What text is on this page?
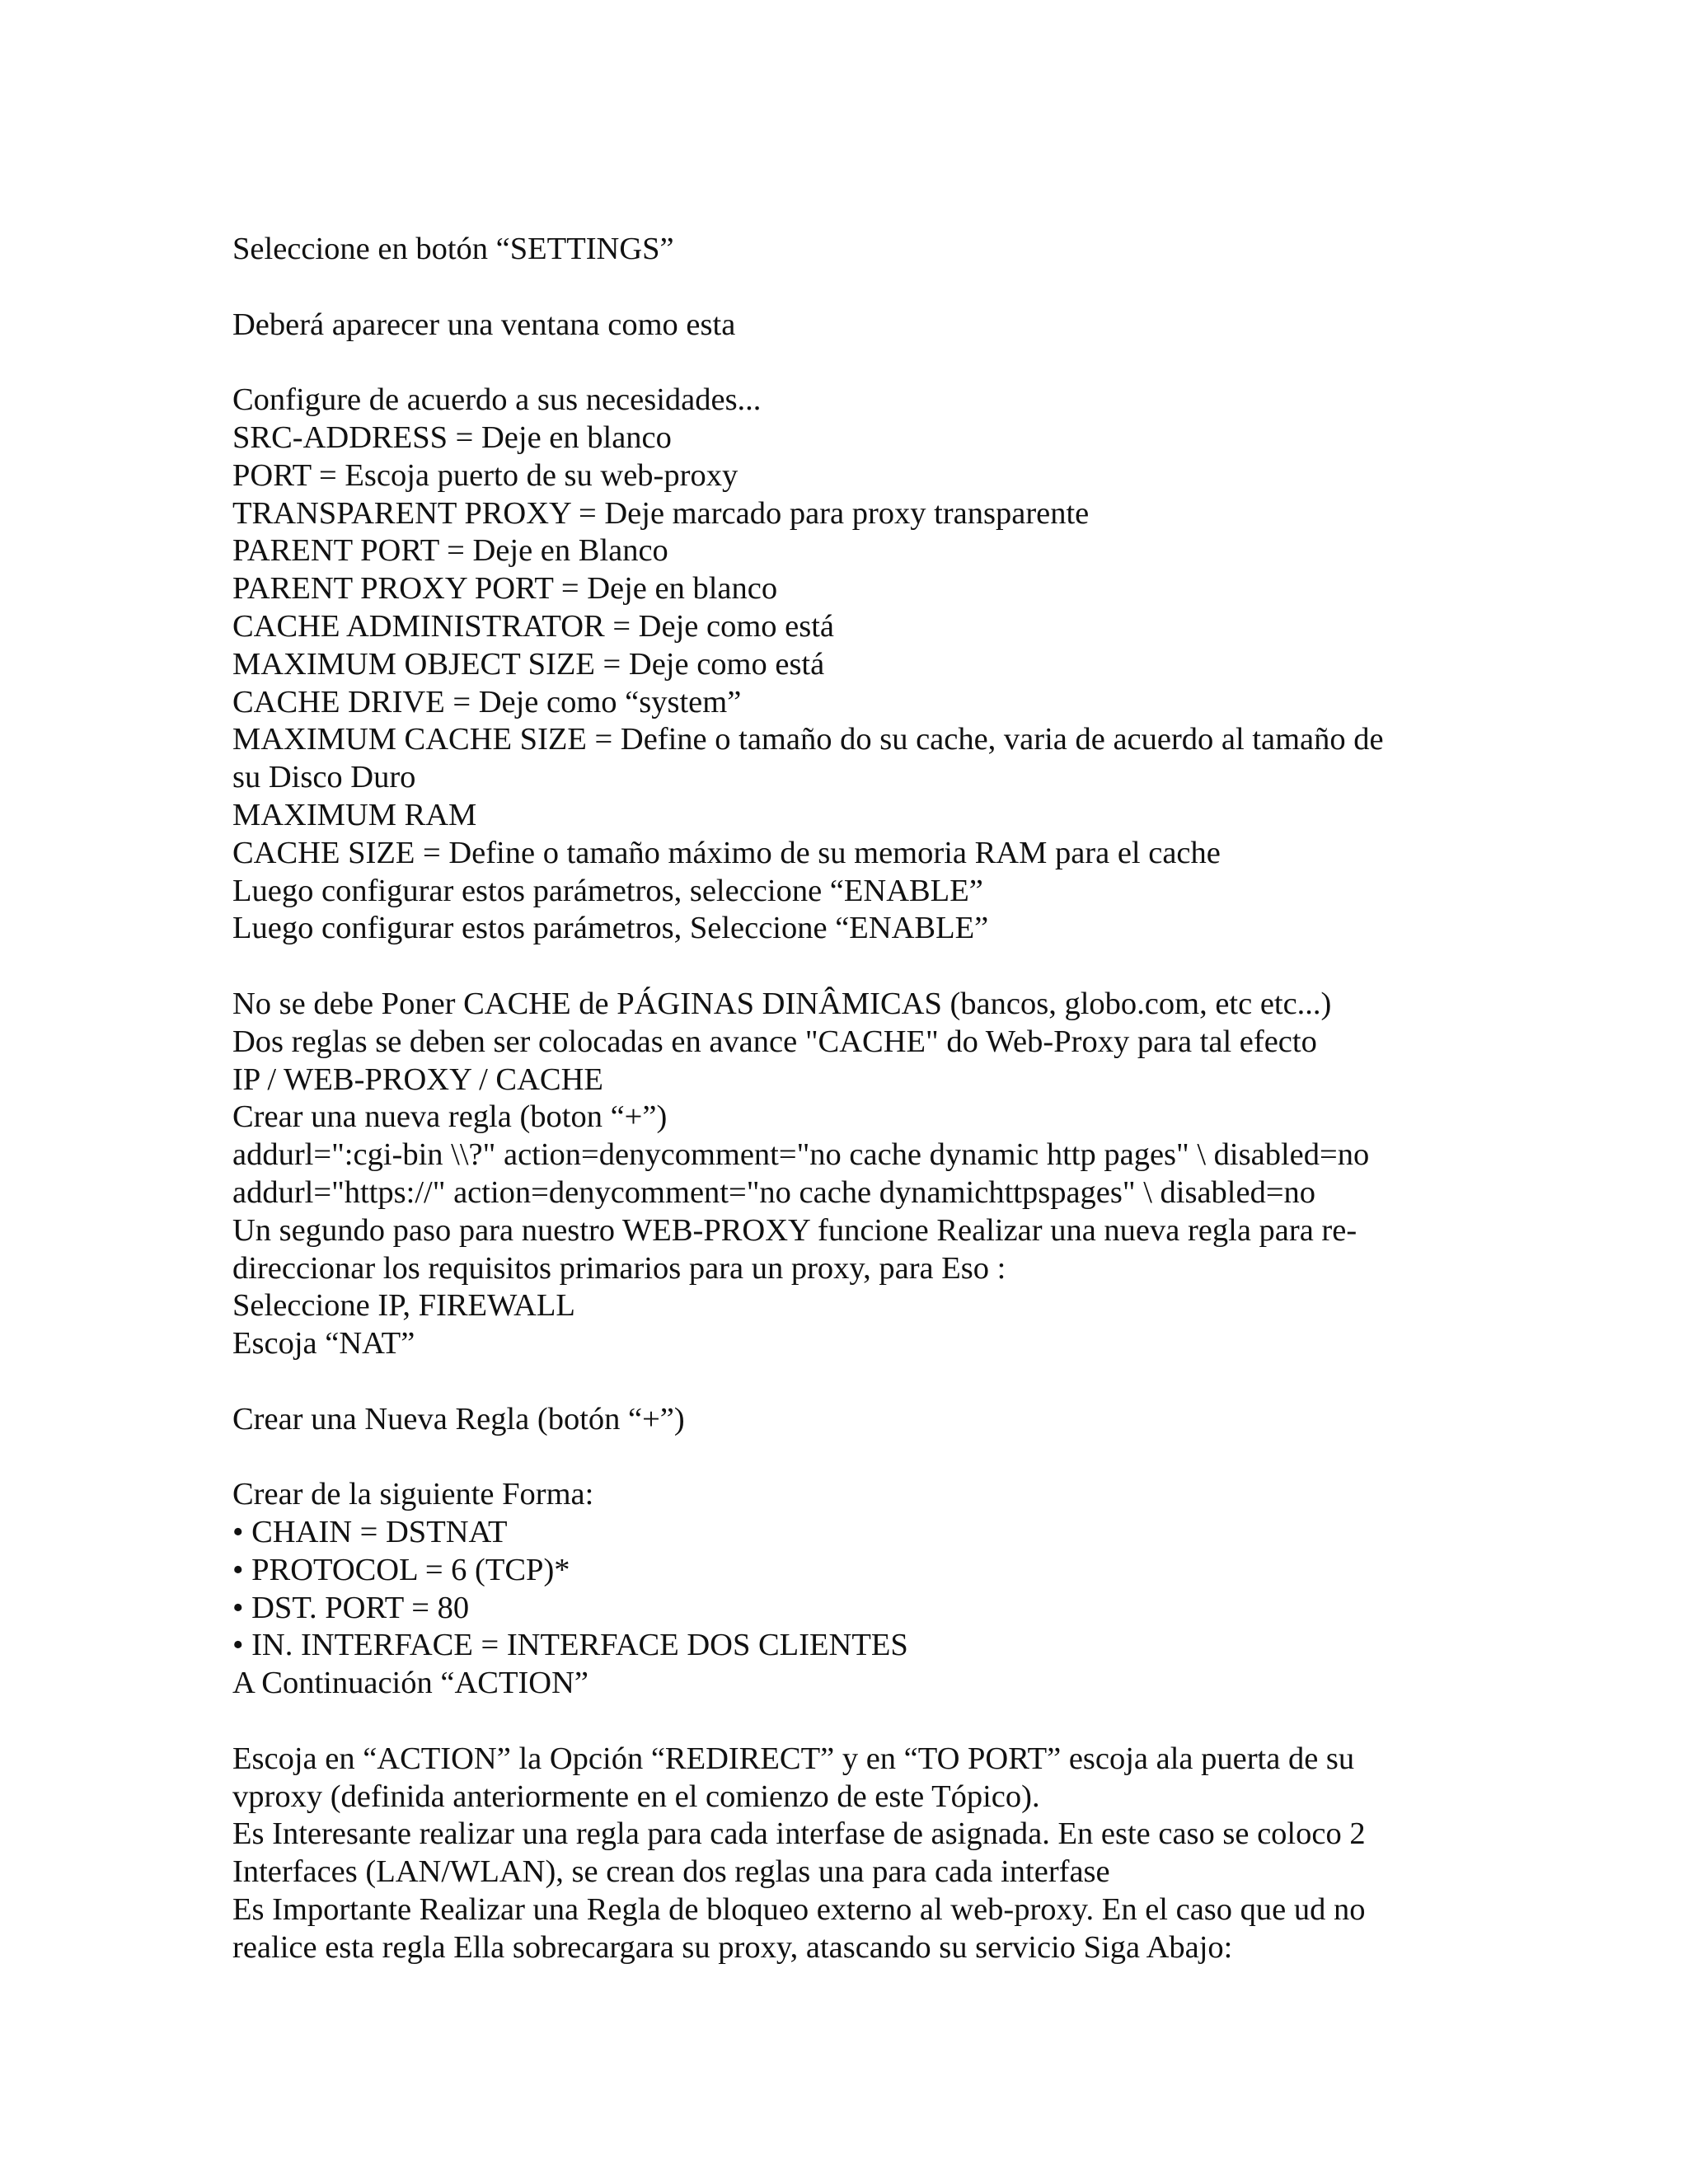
Seleccione en botón “SETTINGS”
Deberá aparecer una ventana como esta
Configure de acuerdo a sus necesidades...
SRC-ADDRESS = Deje en blanco
PORT = Escoja puerto de su web-proxy
TRANSPARENT PROXY = Deje marcado para proxy transparente
PARENT PORT = Deje en Blanco
PARENT PROXY PORT = Deje en blanco
CACHE ADMINISTRATOR = Deje como está
MAXIMUM OBJECT SIZE = Deje como está
CACHE DRIVE = Deje como “system”
MAXIMUM CACHE SIZE = Define o tamaño do su cache, varia de acuerdo al tamaño de
su Disco Duro
MAXIMUM RAM
CACHE SIZE = Define o tamaño máximo de su memoria RAM para el cache
Luego configurar estos parámetros, seleccione “ENABLE”
Luego configurar estos parámetros, Seleccione “ENABLE”
No se debe Poner CACHE de PÁGINAS DINÂMICAS (bancos, globo.com, etc etc...)
Dos reglas se deben ser colocadas en avance "CACHE" do Web-Proxy para tal efecto
IP / WEB-PROXY / CACHE
Crear una nueva regla (boton “+”)
addurl=":cgi-bin \\?" action=denycomment="no cache dynamic http pages" \ disabled=no
addurl="https://" action=denycomment="no cache dynamichttpspages" \ disabled=no
Un segundo paso para nuestro WEB-PROXY funcione Realizar una nueva regla para re-
direccionar los requisitos primarios para un proxy, para Eso :
Seleccione IP, FIREWALL
Escoja “NAT”
Crear una Nueva Regla (botón “+”)
Crear de la siguiente Forma:
• CHAIN = DSTNAT
• PROTOCOL = 6 (TCP)*
• DST. PORT = 80
• IN. INTERFACE = INTERFACE DOS CLIENTES
A Continuación “ACTION”
Escoja en “ACTION” la Opción “REDIRECT” y en “TO PORT” escoja ala puerta de su
vproxy (definida anteriormente en el comienzo de este Tópico).
Es Interesante realizar una regla para cada interfase de asignada. En este caso se coloco 2
Interfaces (LAN/WLAN), se crean dos reglas una para cada interfase
Es Importante Realizar una Regla de bloqueo externo al web-proxy. En el caso que ud no
realice esta regla Ella sobrecargara su proxy, atascando su servicio Siga Abajo:
